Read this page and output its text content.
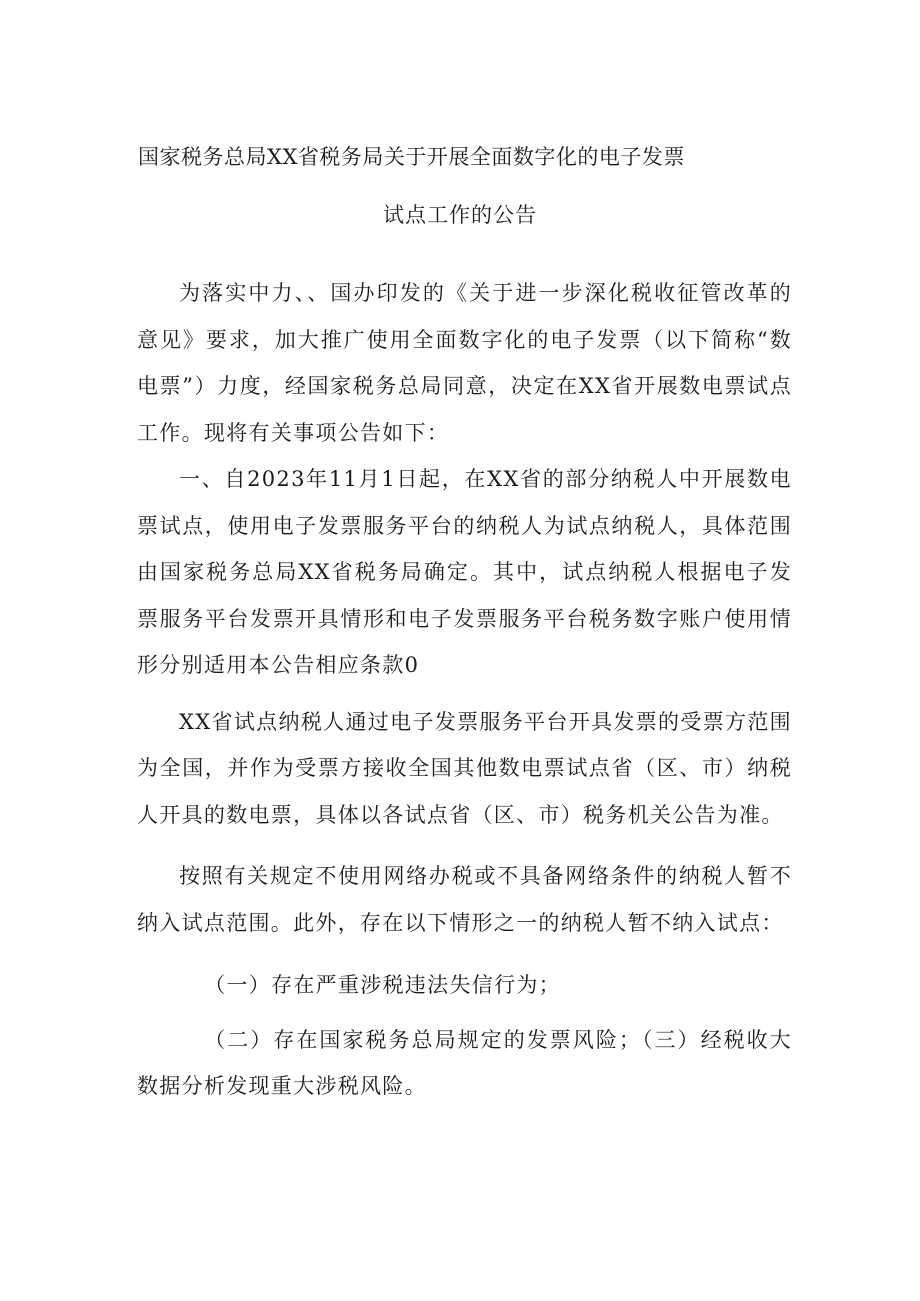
国家税务总局XX省税务局关于开展全面数字化的电子发票
试点工作的公告

为落实中力、、国办印发的《关于进一步深化税收征管改革的意见》要求，加大推广使用全面数字化的电子发票（以下简称“数电票”）力度，经国家税务总局同意，决定在XX省开展数电票试点工作。现将有关事项公告如下：

一、自2023年11月1日起，在XX省的部分纳税人中开展数电票试点，使用电子发票服务平台的纳税人为试点纳税人，具体范围由国家税务总局XX省税务局确定。其中，试点纳税人根据电子发票服务平台发票开具情形和电子发票服务平台税务数字账户使用情形分别适用本公告相应条款0

XX省试点纳税人通过电子发票服务平台开具发票的受票方范围为全国，并作为受票方接收全国其他数电票试点省（区、市）纳税人开具的数电票，具体以各试点省（区、市）税务机关公告为准。

按照有关规定不使用网络办税或不具备网络条件的纳税人暂不纳入试点范围。此外，存在以下情形之一的纳税人暂不纳入试点：

（一）存在严重涉税违法失信行为；

（二）存在国家税务总局规定的发票风险；（三）经税收大数据分析发现重大涉税风险。
